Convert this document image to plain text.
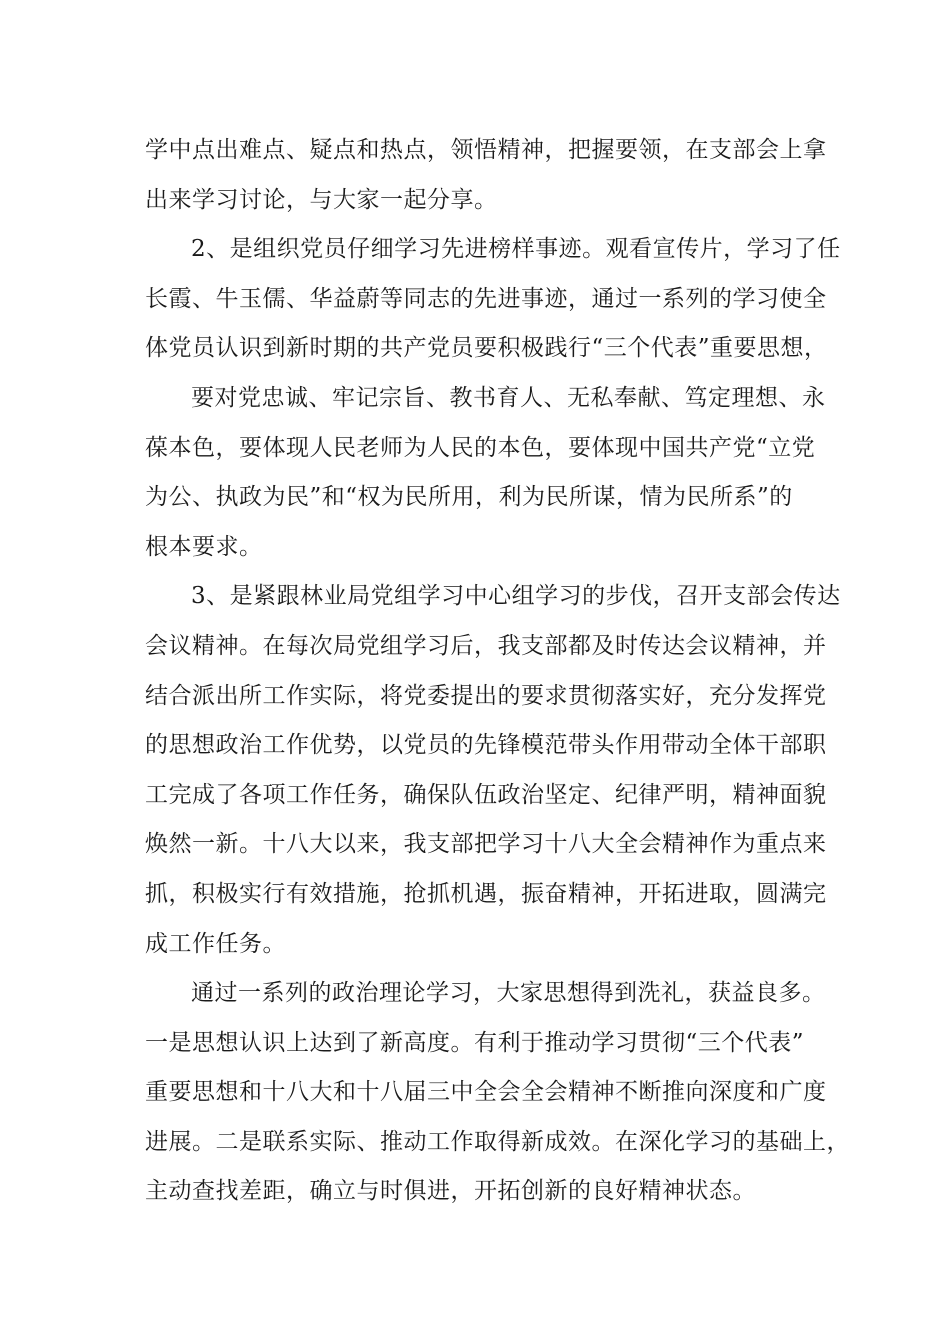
学中点出难点、疑点和热点，领悟精神，把握要领，在支部会上拿
出来学习讨论，与大家一起分享。
2、是组织党员仔细学习先进榜样事迹。观看宣传片，学习了任
长霞、牛玉儒、华益蔚等同志的先进事迹，通过一系列的学习使全
体党员认识到新时期的共产党员要积极践行“三个代表”重要思想，
要对党忠诚、牢记宗旨、教书育人、无私奉献、笃定理想、永
葆本色，要体现人民老师为人民的本色，要体现中国共产党“立党
为公、执政为民”和“权为民所用，利为民所谋，情为民所系”的
根本要求。
3、是紧跟林业局党组学习中心组学习的步伐，召开支部会传达
会议精神。在每次局党组学习后，我支部都及时传达会议精神，并
结合派出所工作实际，将党委提出的要求贯彻落实好，充分发挥党
的思想政治工作优势，以党员的先锋模范带头作用带动全体干部职
工完成了各项工作任务，确保队伍政治坚定、纪律严明，精神面貌
焕然一新。十八大以来，我支部把学习十八大全会精神作为重点来
抓，积极实行有效措施，抢抓机遇，振奋精神，开拓进取，圆满完
成工作任务。
通过一系列的政治理论学习，大家思想得到洗礼，获益良多。
一是思想认识上达到了新高度。有利于推动学习贯彻“三个代表”
重要思想和十八大和十八届三中全会全会精神不断推向深度和广度
进展。二是联系实际、推动工作取得新成效。在深化学习的基础上，
主动查找差距，确立与时俱进，开拓创新的良好精神状态。
